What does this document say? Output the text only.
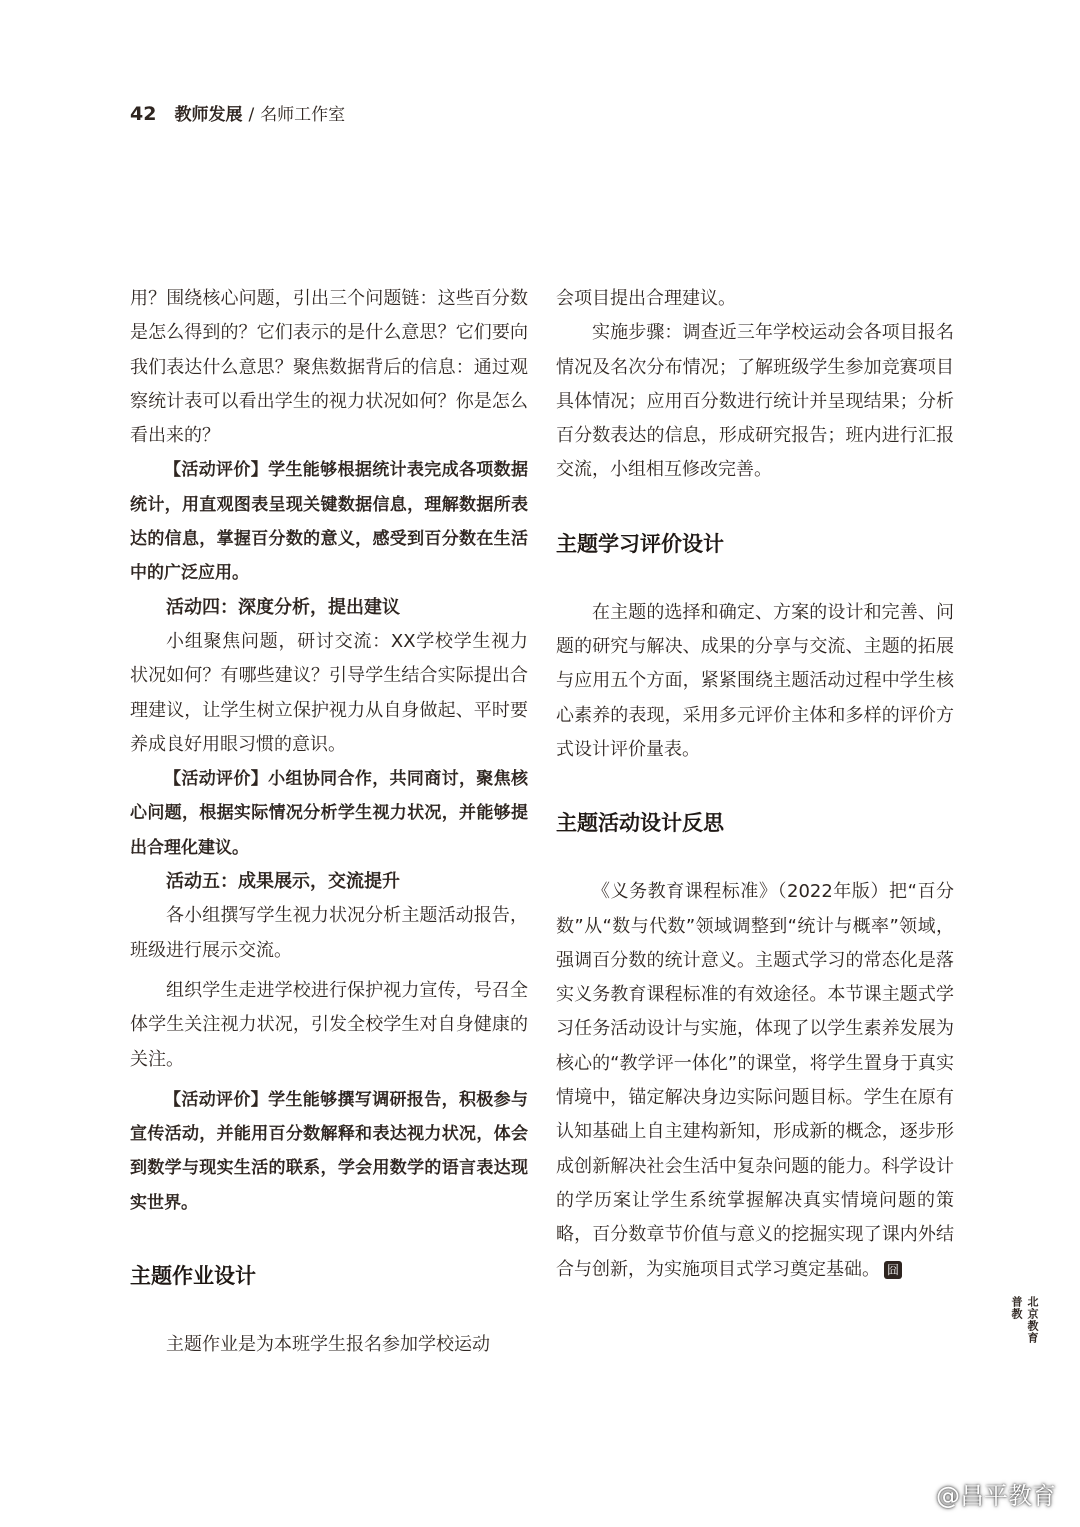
42 教师发展 / 名师工作室

用？围绕核心问题，引出三个问题链：这些百分数是怎么得到的？它们表示的是什么意思？它们要向我们表达什么意思？聚焦数据背后的信息：通过观察统计表可以看出学生的视力状况如何？你是怎么看出来的？

【活动评价】学生能够根据统计表完成各项数据统计，用直观图表呈现关键数据信息，理解数据所表达的信息，掌握百分数的意义，感受到百分数在生活中的广泛应用。

活动四：深度分析，提出建议

小组聚焦问题，研讨交流：XX学校学生视力状况如何？有哪些建议？引导学生结合实际提出合理建议，让学生树立保护视力从自身做起、平时要养成良好用眼习惯的意识。

【活动评价】小组协同合作，共同商讨，聚焦核心问题，根据实际情况分析学生视力状况，并能够提出合理化建议。

活动五：成果展示，交流提升

各小组撰写学生视力状况分析主题活动报告，班级进行展示交流。

组织学生走进学校进行保护视力宣传，号召全体学生关注视力状况，引发全校学生对自身健康的关注。

【活动评价】学生能够撰写调研报告，积极参与宣传活动，并能用百分数解释和表达视力状况，体会到数学与现实生活的联系，学会用数学的语言表达现实世界。

主题作业设计

主题作业是为本班学生报名参加学校运动

会项目提出合理建议。

实施步骤：调查近三年学校运动会各项目报名情况及名次分布情况；了解班级学生参加竞赛项目具体情况；应用百分数进行统计并呈现结果；分析百分数表达的信息，形成研究报告；班内进行汇报交流，小组相互修改完善。

主题学习评价设计

在主题的选择和确定、方案的设计和完善、问题的研究与解决、成果的分享与交流、主题的拓展与应用五个方面，紧紧围绕主题活动过程中学生核心素养的表现，采用多元评价主体和多样的评价方式设计评价量表。

主题活动设计反思

《义务教育课程标准》（2022年版）把“百分数”从“数与代数”领域调整到“统计与概率”领域，强调百分数的统计意义。主题式学习的常态化是落实义务教育课程标准的有效途径。本节课主题式学习任务活动设计与实施，体现了以学生素养发展为核心的“教学评一体化”的课堂，将学生置身于真实情境中，锚定解决身边实际问题目标。学生在原有认知基础上自主建构新知，形成新的概念，逐步形成创新解决社会生活中复杂问题的能力。科学设计的学历案让学生系统掌握解决真实情境问题的策略，百分数章节价值与意义的挖掘实现了课内外结合与创新，为实施项目式学习奠定基础。 囧

北京教育
普教
@昌平教育
